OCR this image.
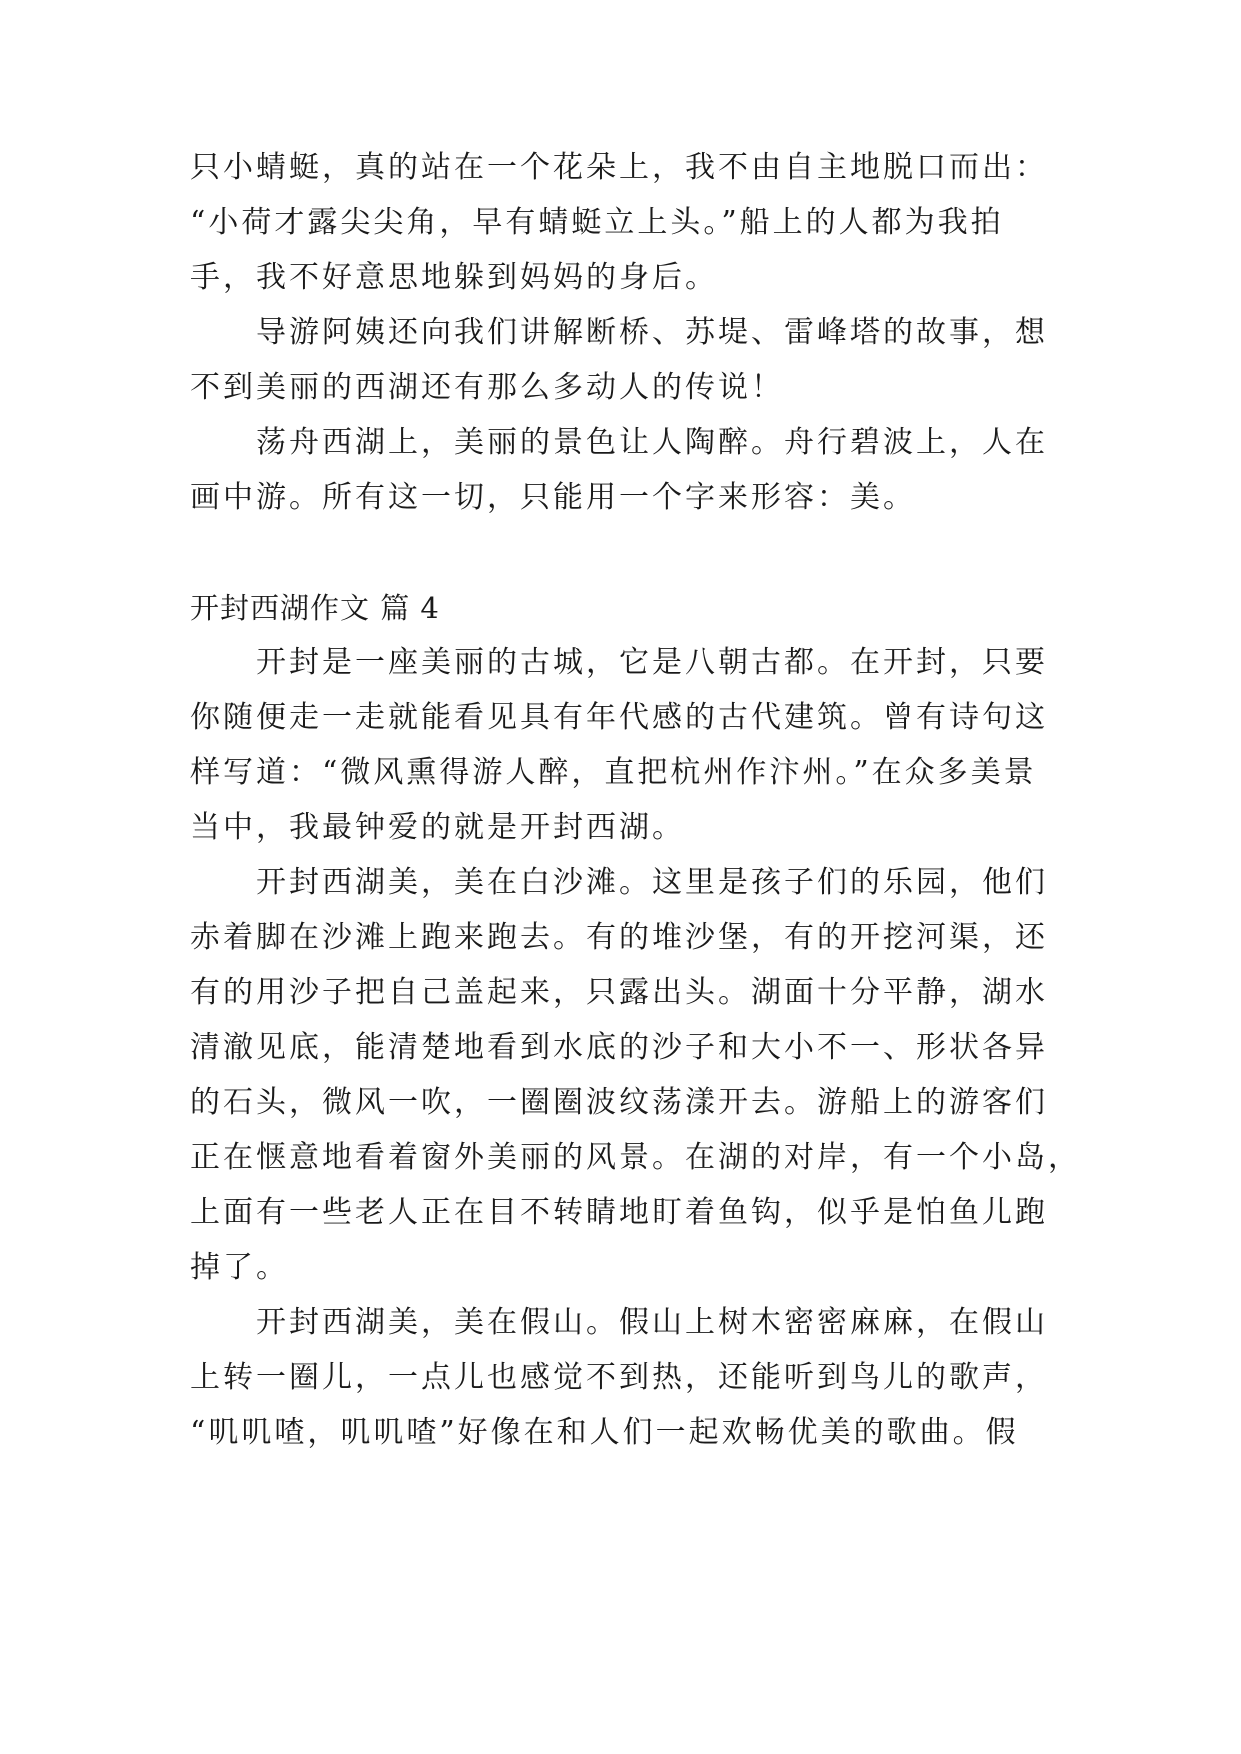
只小蜻蜓，真的站在一个花朵上，我不由自主地脱口而出：
“小荷才露尖尖角，早有蜻蜓立上头。”船上的人都为我拍
手，我不好意思地躲到妈妈的身后。
　　导游阿姨还向我们讲解断桥、苏堤、雷峰塔的故事，想
不到美丽的西湖还有那么多动人的传说！
　　荡舟西湖上，美丽的景色让人陶醉。舟行碧波上，人在
画中游。所有这一切，只能用一个字来形容：美。
开封西湖作文 篇 4
　　开封是一座美丽的古城，它是八朝古都。在开封，只要
你随便走一走就能看见具有年代感的古代建筑。曾有诗句这
样写道：“微风熏得游人醉，直把杭州作汴州。”在众多美景
当中，我最钟爱的就是开封西湖。
　　开封西湖美，美在白沙滩。这里是孩子们的乐园，他们
赤着脚在沙滩上跑来跑去。有的堆沙堡，有的开挖河渠，还
有的用沙子把自己盖起来，只露出头。湖面十分平静，湖水
清澈见底，能清楚地看到水底的沙子和大小不一、形状各异
的石头，微风一吹，一圈圈波纹荡漾开去。游船上的游客们
正在惬意地看着窗外美丽的风景。在湖的对岸，有一个小岛，
上面有一些老人正在目不转睛地盯着鱼钩，似乎是怕鱼儿跑
掉了。
　　开封西湖美，美在假山。假山上树木密密麻麻，在假山
上转一圈儿，一点儿也感觉不到热，还能听到鸟儿的歌声，
“叽叽喳，叽叽喳”好像在和人们一起欢畅优美的歌曲。假
